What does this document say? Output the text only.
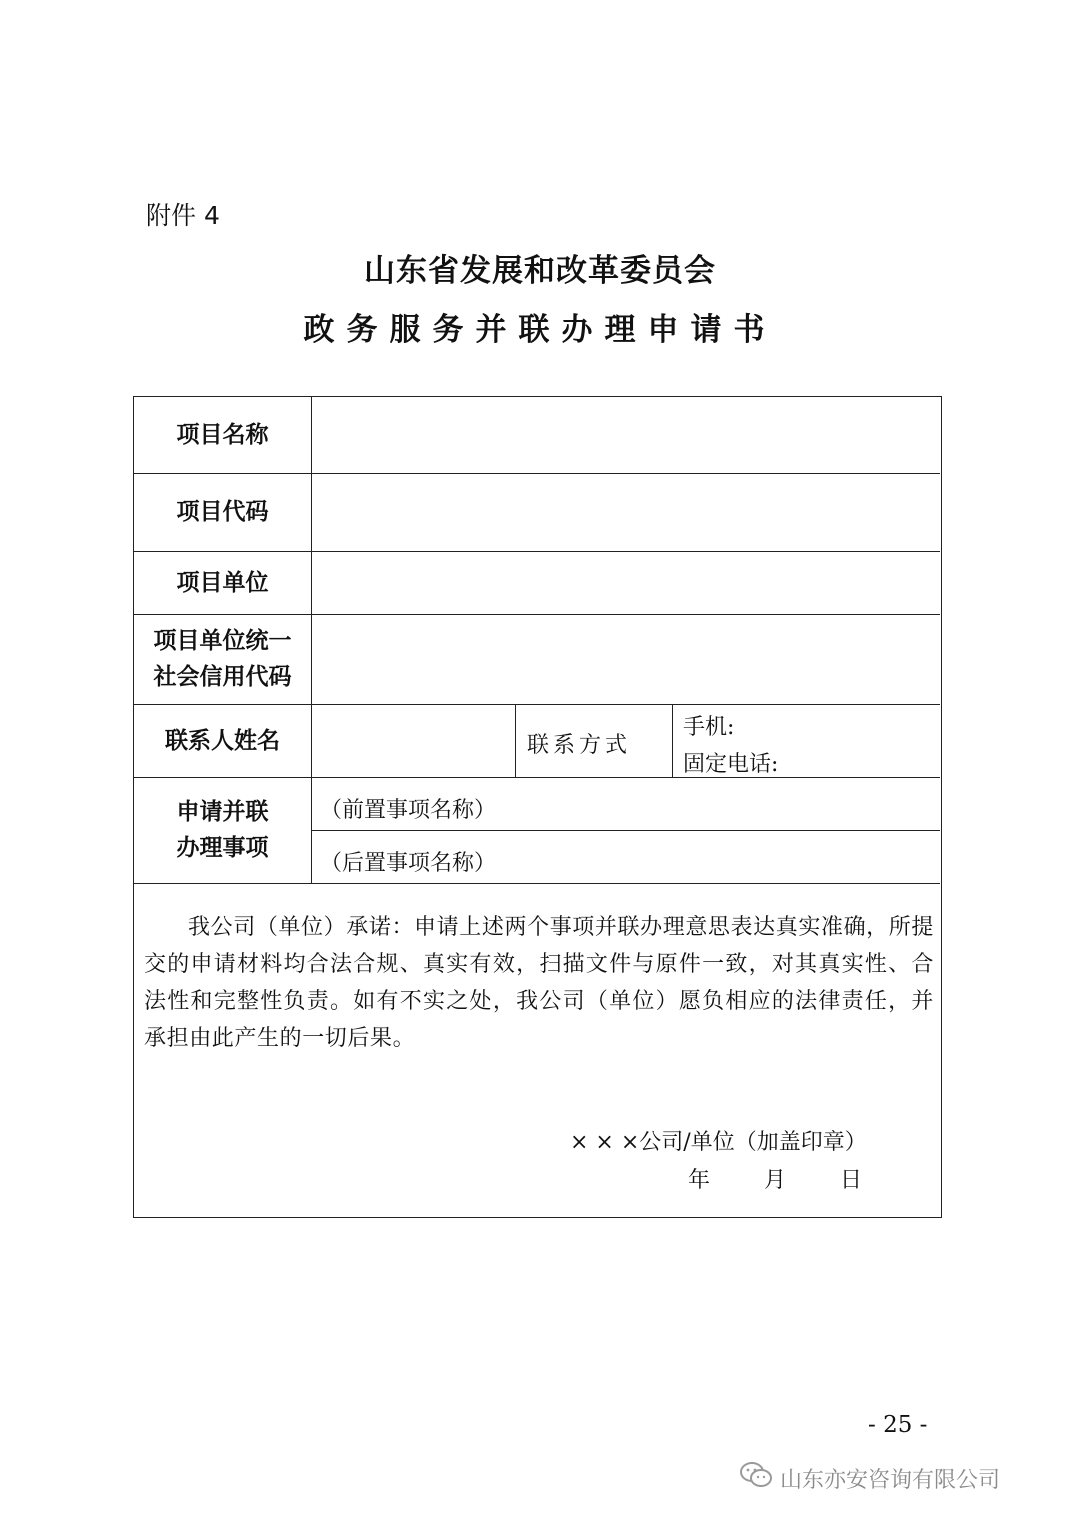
附件 4
山东省发展和改革委员会
政务服务并联办理申请书
项目名称
项目代码
项目单位
项目单位统一
社会信用代码
联系人姓名	联系方式
手机:
固定电话:
申请并联
办理事项
（前置事项名称）
（后置事项名称）
我公司（单位）承诺：申请上述两个事项并联办理意思表达真实准确，所提交的申请材料均合法合规、真实有效，扫描文件与原件一致，对其真实性、合法性和完整性负责。如有不实之处，我公司（单位）愿负相应的法律责任，并承担由此产生的一切后果。
× × ×公司/单位（加盖印章）
年  月  日
- 25 -
山东亦安咨询有限公司
